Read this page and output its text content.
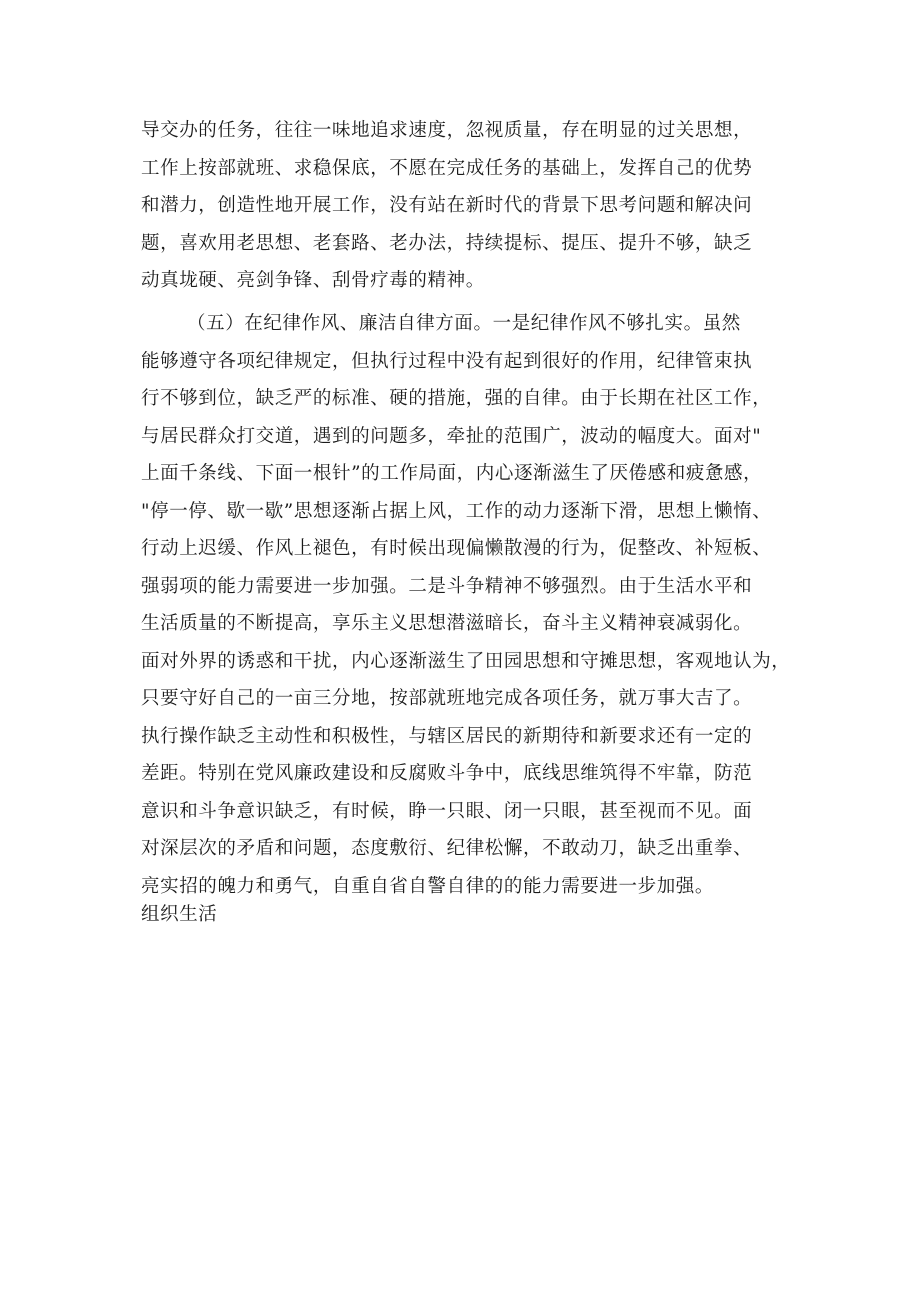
导交办的任务，往往一味地追求速度，忽视质量，存在明显的过关思想，
工作上按部就班、求稳保底，不愿在完成任务的基础上，发挥自己的优势
和潜力，创造性地开展工作，没有站在新时代的背景下思考问题和解决问
题，喜欢用老思想、老套路、老办法，持续提标、提压、提升不够，缺乏
动真垅硬、亮剑争锋、刮骨疗毒的精神。
（五）在纪律作风、廉洁自律方面。一是纪律作风不够扎实。虽然
能够遵守各项纪律规定，但执行过程中没有起到很好的作用，纪律管束执
行不够到位，缺乏严的标准、硬的措施，强的自律。由于长期在社区工作，
与居民群众打交道，遇到的问题多，牵扯的范围广，波动的幅度大。面对"
上面千条线、下面一根针”的工作局面，内心逐渐滋生了厌倦感和疲惫感，
"停一停、歇一歇”思想逐渐占据上风，工作的动力逐渐下滑，思想上懒惰、
行动上迟缓、作风上褪色，有时候出现偏懒散漫的行为，促整改、补短板、
强弱项的能力需要进一步加强。二是斗争精神不够强烈。由于生活水平和
生活质量的不断提高，享乐主义思想潜滋暗长，奋斗主义精神衰减弱化。
面对外界的诱惑和干扰，内心逐渐滋生了田园思想和守摊思想，客观地认为，
只要守好自己的一亩三分地，按部就班地完成各项任务，就万事大吉了。
执行操作缺乏主动性和积极性，与辖区居民的新期待和新要求还有一定的
差距。特别在党风廉政建设和反腐败斗争中，底线思维筑得不牢靠，防范
意识和斗争意识缺乏，有时候，睁一只眼、闭一只眼，甚至视而不见。面
对深层次的矛盾和问题，态度敷衍、纪律松懈，不敢动刀，缺乏出重拳、
亮实招的魄力和勇气，自重自省自警自律的的能力需要进一步加强。
组织生活
